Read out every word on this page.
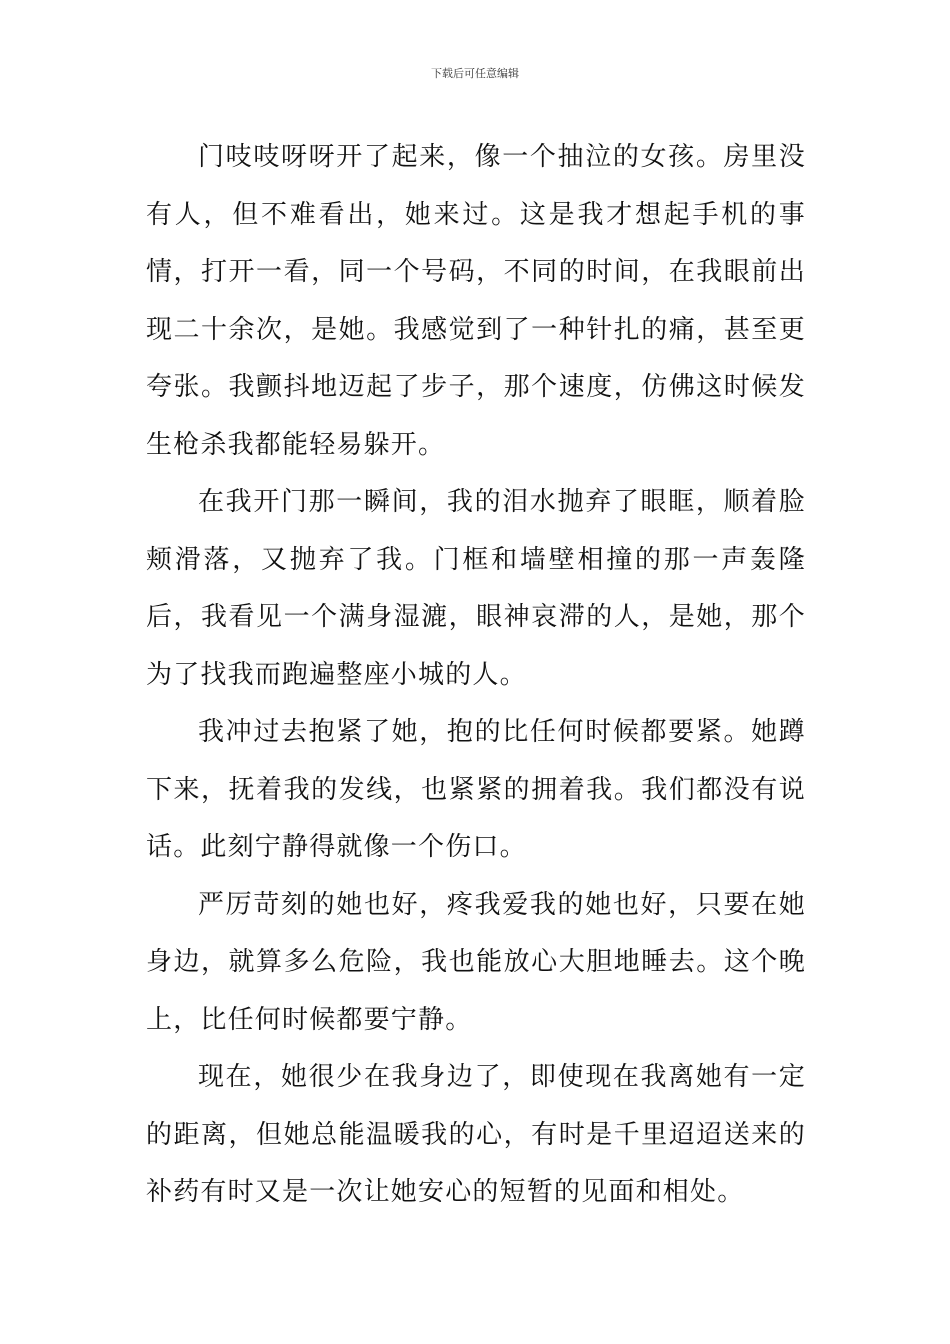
下载后可任意编辑

门吱吱呀呀开了起来，像一个抽泣的女孩。房里没有人，但不难看出，她来过。这是我才想起手机的事情，打开一看，同一个号码，不同的时间，在我眼前出现二十余次，是她。我感觉到了一种针扎的痛，甚至更夸张。我颤抖地迈起了步子，那个速度，仿佛这时候发生枪杀我都能轻易躲开。

在我开门那一瞬间，我的泪水抛弃了眼眶，顺着脸颊滑落，又抛弃了我。门框和墙壁相撞的那一声轰隆后，我看见一个满身湿漉，眼神哀滞的人，是她，那个为了找我而跑遍整座小城的人。

我冲过去抱紧了她，抱的比任何时候都要紧。她蹲下来，抚着我的发线，也紧紧的拥着我。我们都没有说话。此刻宁静得就像一个伤口。

严厉苛刻的她也好，疼我爱我的她也好，只要在她身边，就算多么危险，我也能放心大胆地睡去。这个晚上，比任何时候都要宁静。

现在，她很少在我身边了，即使现在我离她有一定的距离，但她总能温暖我的心，有时是千里迢迢送来的补药有时又是一次让她安心的短暂的见面和相处。
